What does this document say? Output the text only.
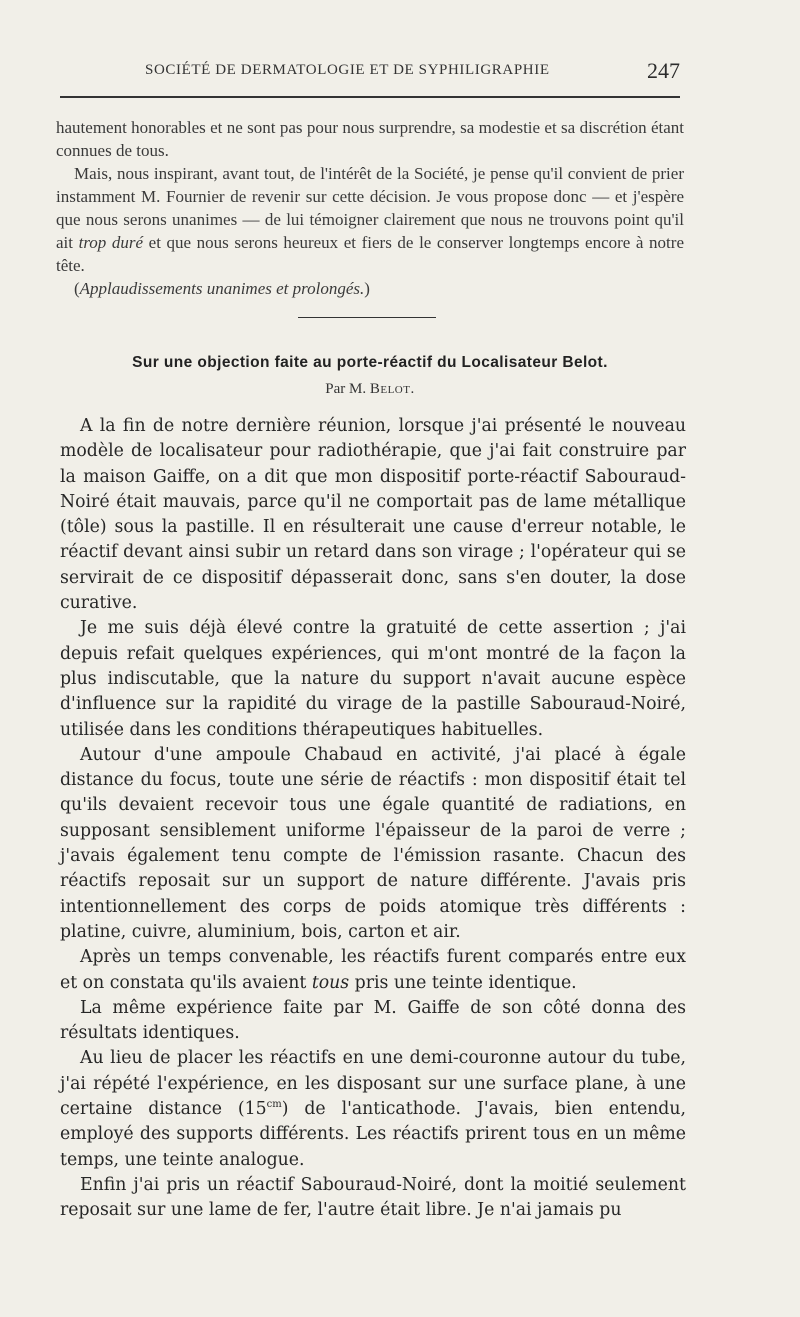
SOCIÉTÉ DE DERMATOLOGIE ET DE SYPHILIGRAPHIE	247

hautement honorables et ne sont pas pour nous surprendre, sa modestie et sa discrétion étant connues de tous.

Mais, nous inspirant, avant tout, de l'intérêt de la Société, je pense qu'il convient de prier instamment M. Fournier de revenir sur cette décision. Je vous propose donc — et j'espère que nous serons unanimes — de lui témoigner clairement que nous ne trouvons point qu'il ait trop duré et que nous serons heureux et fiers de le conserver longtemps encore à notre tête.

(Applaudissements unanimes et prolongés.)

Sur une objection faite au porte-réactif du Localisateur Belot.
Par M. Belot.

A la fin de notre dernière réunion, lorsque j'ai présenté le nouveau modèle de localisateur pour radiothérapie, que j'ai fait construire par la maison Gaiffe, on a dit que mon dispositif porte-réactif Sabouraud-Noiré était mauvais, parce qu'il ne comportait pas de lame métallique (tôle) sous la pastille. Il en résulterait une cause d'erreur notable, le réactif devant ainsi subir un retard dans son virage ; l'opérateur qui se servirait de ce dispositif dépasserait donc, sans s'en douter, la dose curative.

Je me suis déjà élevé contre la gratuité de cette assertion ; j'ai depuis refait quelques expériences, qui m'ont montré de la façon la plus indiscutable, que la nature du support n'avait aucune espèce d'influence sur la rapidité du virage de la pastille Sabouraud-Noiré, utilisée dans les conditions thérapeutiques habituelles.

Autour d'une ampoule Chabaud en activité, j'ai placé à égale distance du focus, toute une série de réactifs : mon dispositif était tel qu'ils devaient recevoir tous une égale quantité de radiations, en supposant sensiblement uniforme l'épaisseur de la paroi de verre ; j'avais également tenu compte de l'émission rasante. Chacun des réactifs reposait sur un support de nature différente. J'avais pris intentionnellement des corps de poids atomique très différents : platine, cuivre, aluminium, bois, carton et air.

Après un temps convenable, les réactifs furent comparés entre eux et on constata qu'ils avaient tous pris une teinte identique.

La même expérience faite par M. Gaiffe de son côté donna des résultats identiques.

Au lieu de placer les réactifs en une demi-couronne autour du tube, j'ai répété l'expérience, en les disposant sur une surface plane, à une certaine distance $(15^{cm})$ de l'anticathode. J'avais, bien entendu, employé des supports différents. Les réactifs prirent tous en un même temps, une teinte analogue.

Enfin j'ai pris un réactif Sabouraud-Noiré, dont la moitié seulement reposait sur une lame de fer, l'autre était libre. Je n'ai jamais pu
